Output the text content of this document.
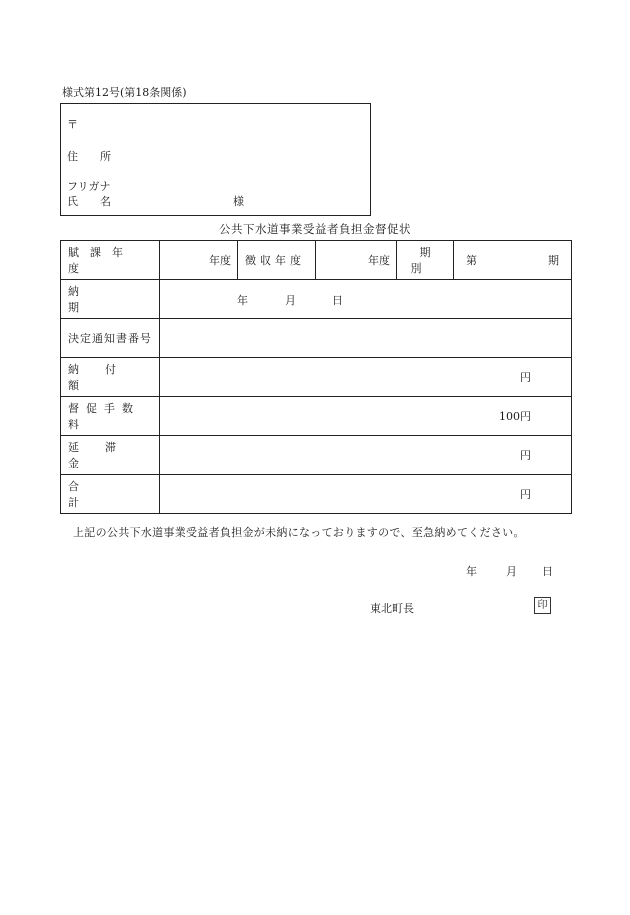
様式第12号(第18条関係)
〒
住　　所
フリガナ
氏　　名	様
公共下水道事業受益者負担金督促状
賦課年度	年度	徴収年度	年度	期別	第 期

納期	年 月 日				

決定通知書番号					

納付額	円				

督促手数料	100円				

延滞金	円				

合計	円				
上記の公共下水道事業受益者負担金が未納になっておりますので、至急納めてください。
年	月 日
東北町長	印
